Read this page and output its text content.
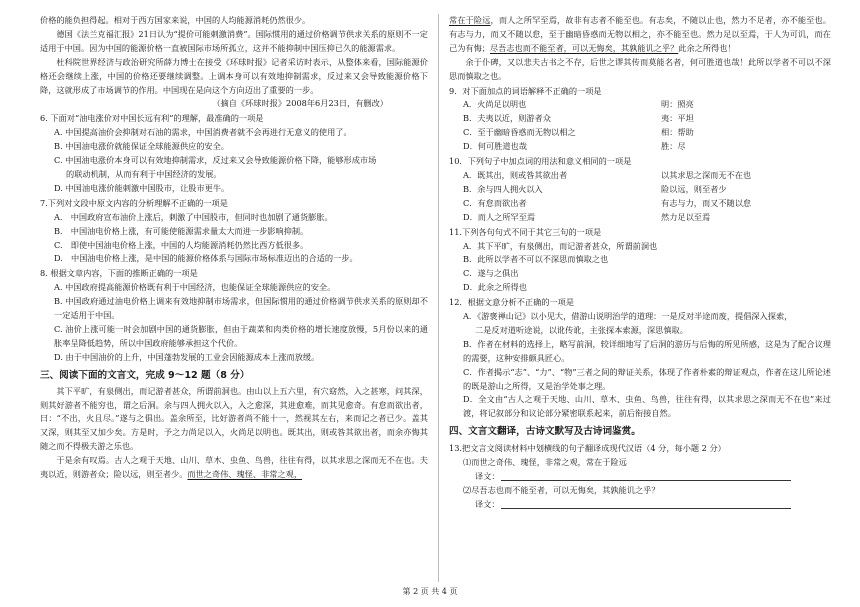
价格的能负担得起。相对于西方国家来说，中国的人均能源消耗仍然很少。

德国《法兰克福汇报》21日认为“提价可能刺激消费”。国际惯用的通过价格调节供求关系的原则不一定适用于中国。因为中国的能源价格一直被国际市场所孤立，这并不能抑制中国压抑已久的能源需求。

杜科院世界经济与政治研究所薛力博士在接受《环球时报》记者采访时表示，从整体来看，国际能源价格还会继续上涨，中国的价格还要继续调整。上调本身可以有效地抑制需求，反过来又会导致能源价格下降，这就形成了市场调节的作用。中国现在是向这个方向迈出了重要的一步。

（摘自《环球时报》2008年6月23日，有删改）

6. 下面对“油电涨价对中国长远有利”的理解，最准确的一项是

A. 中国提高油价会抑制对石油的需求，中国消费者就不会再进行无意义的使用了。

B. 中国油电涨价就能保证全球能源供应的安全。

C. 中国油电涨价本身可以有效地抑制需求，反过来又会导致能源价格下降，能够形成市场

的联动机制，从而有利于中国经济的发展。

D. 中国油电涨价能刺激中国股市，让股市更牛。

7.下列对文段中原文内容的分析理解不正确的一项是

A.　中国政府宣布油价上涨后，刺激了中国股市，但同时也加剧了通货膨胀。

B.　中国油电价格上涨，有可能使能源需求量太大而进一步影响抑制。

C.　即使中国油电价格上涨，中国的人均能源消耗仍然比西方低很多。

D.　中国油电价格上涨，是中国的能源价格体系与国际市场标准迈出的合适的一步。

8. 根据文章内容，下面的推断正确的一项是

A. 中国政府提高能源价格既有利于中国经济，也能保证全球能源供应的安全。

B. 中国政府通过油电价格上调来有效地抑制市场需求，但国际惯用的通过价格调节供求关系的原则却不一定适用于中国。

C. 油价上涨可能一时会加剧中国的通货膨胀，但由于蔬菜和肉类价格的增长速度放慢，5月份以来的通胀率呈降低趋势，所以中国政府能够承担这个代价。

D. 由于中国油价的上升，中国蓬勃发展的工业会因能源成本上涨而放缓。

三、阅读下面的文言文，完成 9～12 题（8 分）

其下平旷，有泉侧出，而记游者甚众，所谓前洞也。由山以上五六里，有穴窈然，入之甚寒，问其深，则其好游者不能穷也，谓之后洞。余与四人拥火以入，入之愈深，其进愈难，而其见愈奇。有怠而欲出者，曰：“不出，火且尽。”遂与之俱出。盖余所至，比好游者尚不能十一，然视其左右，来而记之者已少。盖其又深，则其至又加少矣。方是时，予之力尚足以入，火尚足以明也。既其出，则或咎其欲出者，而余亦悔其随之而不得极夫游之乐也。

于是余有叹焉。古人之观于天地、山川、草木、虫鱼、鸟兽，往往有得，以其求思之深而无不在也。夫夷以近，则游者众；险以远，则至者少。而世之奇伟、瑰怪、非常之观，

常在于险远，而人之所罕至焉，故非有志者不能至也。有志矣，不随以止也，然力不足者，亦不能至也。有志与力，而又不随以怠，至于幽暗昏惑而无物以相之，亦不能至也。然力足以至焉，于人为可讥，而在己为有悔；尽吾志也而不能至者，可以无悔矣，其孰能讥之乎？此余之所得也！

余于仆碑，又以悲夫古书之不存，后世之谬其传而莫能名者，何可胜道也哉！此所以学者不可以不深思而慎取之也。

9．对下面加点的词语解释不正确的一项是

A．火尚足以明也	明：照亮
B．夫夷以近，则游者众	夷：平坦
C．至于幽暗昏惑而无物以相之	相：帮助
D．何可胜道也哉	胜：尽

10．下列句子中加点词的用法和意义相同的一项是

A．既其出，则或咎其欲出者	以其求思之深而无不在也
B．余与四人拥火以入	险以远，则至者少
C．有怠而欲出者	有志与力，而又不随以怠
D．而人之所罕至焉	然力足以至焉

11.下列各句句式不同于其它三句的一项是

A．其下平旷，有泉侧出，而记游者甚众，所谓前洞也

B．此所以学者不可以不深思而慎取之也

C．遂与之俱出

D．此余之所得也

12．根据文意分析不正确的一项是

A．《游褒禅山记》以小见大，借游山说明治学的道理：一是反对半途而废，提倡深入探索，

二是反对道听途说，以讹传讹，主张探本索源，深思慎取。

B．作者在材料的选择上，略写前洞，较详细地写了后洞的游历与后悔的所见所感，这是为了配合议理的需要，这种安排颇具匠心。

C．作者揭示“志”、“力”、“物”三者之间的辩证关系，体现了作者朴素的辩证观点，作者在这儿所论述的既是游山之所得，又是治学处事之理。

D．全文由“古人之观于天地、山川、草木、虫鱼、鸟兽，往往有得，以其求思之深而无不在也”来过渡，将记叙部分和议论部分紧密联系起来，前后衔接自然。

四、文言文翻译，古诗文默写及古诗词鉴赏。

13.把文言文阅读材料中划横线的句子翻译成现代汉语（4 分，每小题 2 分）

⑴而世之奇伟、瑰怪，非常之观，常在于险远

译文：

⑵尽吾志也而不能至者，可以无悔矣，其孰能讥之乎？

译文：
第 2 页 共 4 页
